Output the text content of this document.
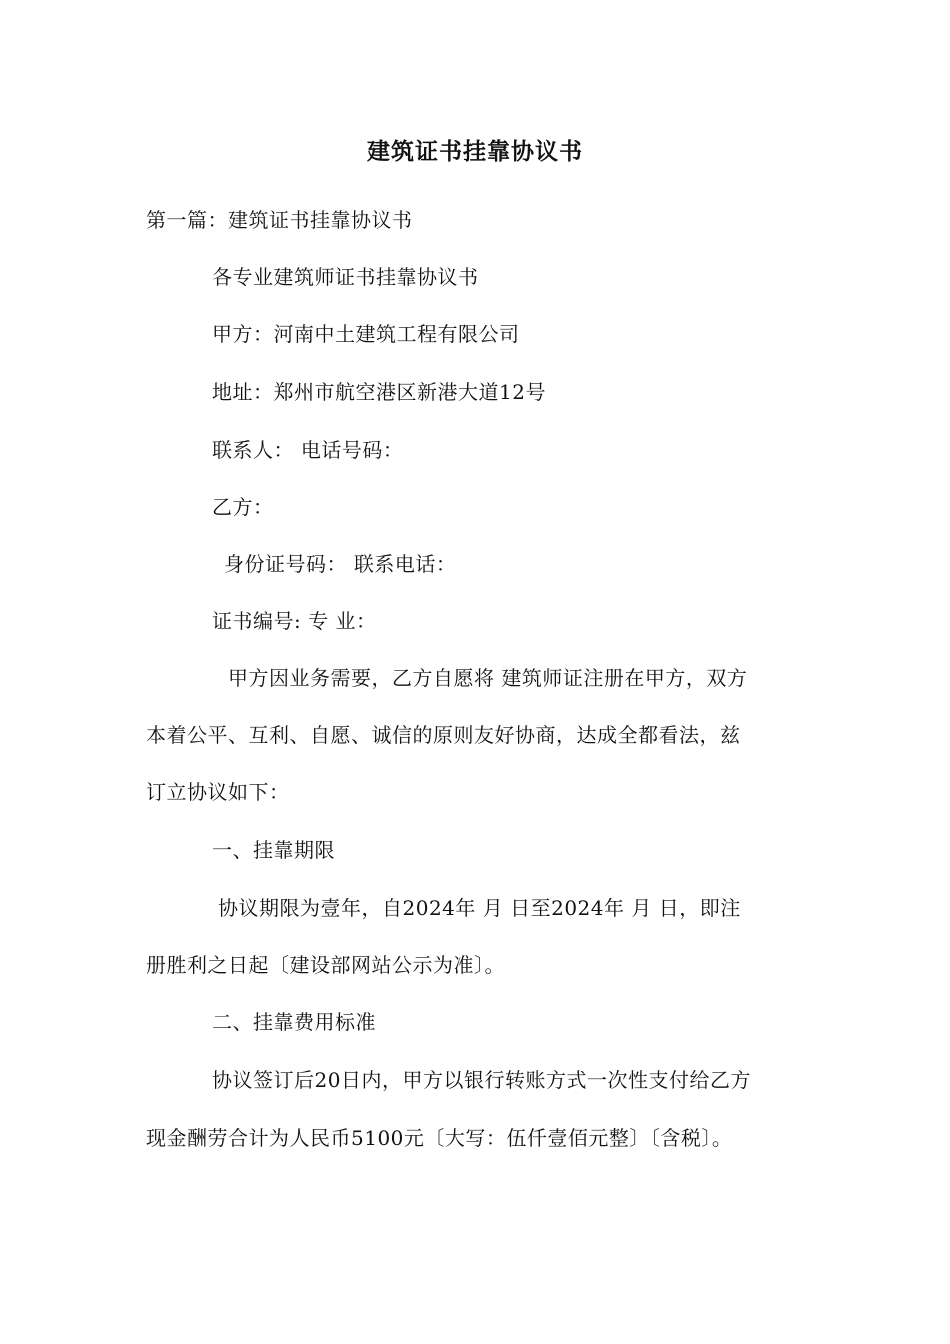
建筑证书挂靠协议书
第一篇：建筑证书挂靠协议书
各专业建筑师证书挂靠协议书
甲方：河南中土建筑工程有限公司
地址：郑州市航空港区新港大道12号
联系人： 电话号码：
乙方：
身份证号码： 联系电话：
证书编号: 专 业：
甲方因业务需要，乙方自愿将 建筑师证注册在甲方，双方
本着公平、互利、自愿、诚信的原则友好协商，达成全都看法，兹
订立协议如下：
一、挂靠期限
协议期限为壹年，自2024年 月 日至2024年 月 日，即注
册胜利之日起〔建设部网站公示为准〕。
二、挂靠费用标准
协议签订后20日内，甲方以银行转账方式一次性支付给乙方
现金酬劳合计为人民币5100元〔大写：伍仟壹佰元整〕〔含税〕。
